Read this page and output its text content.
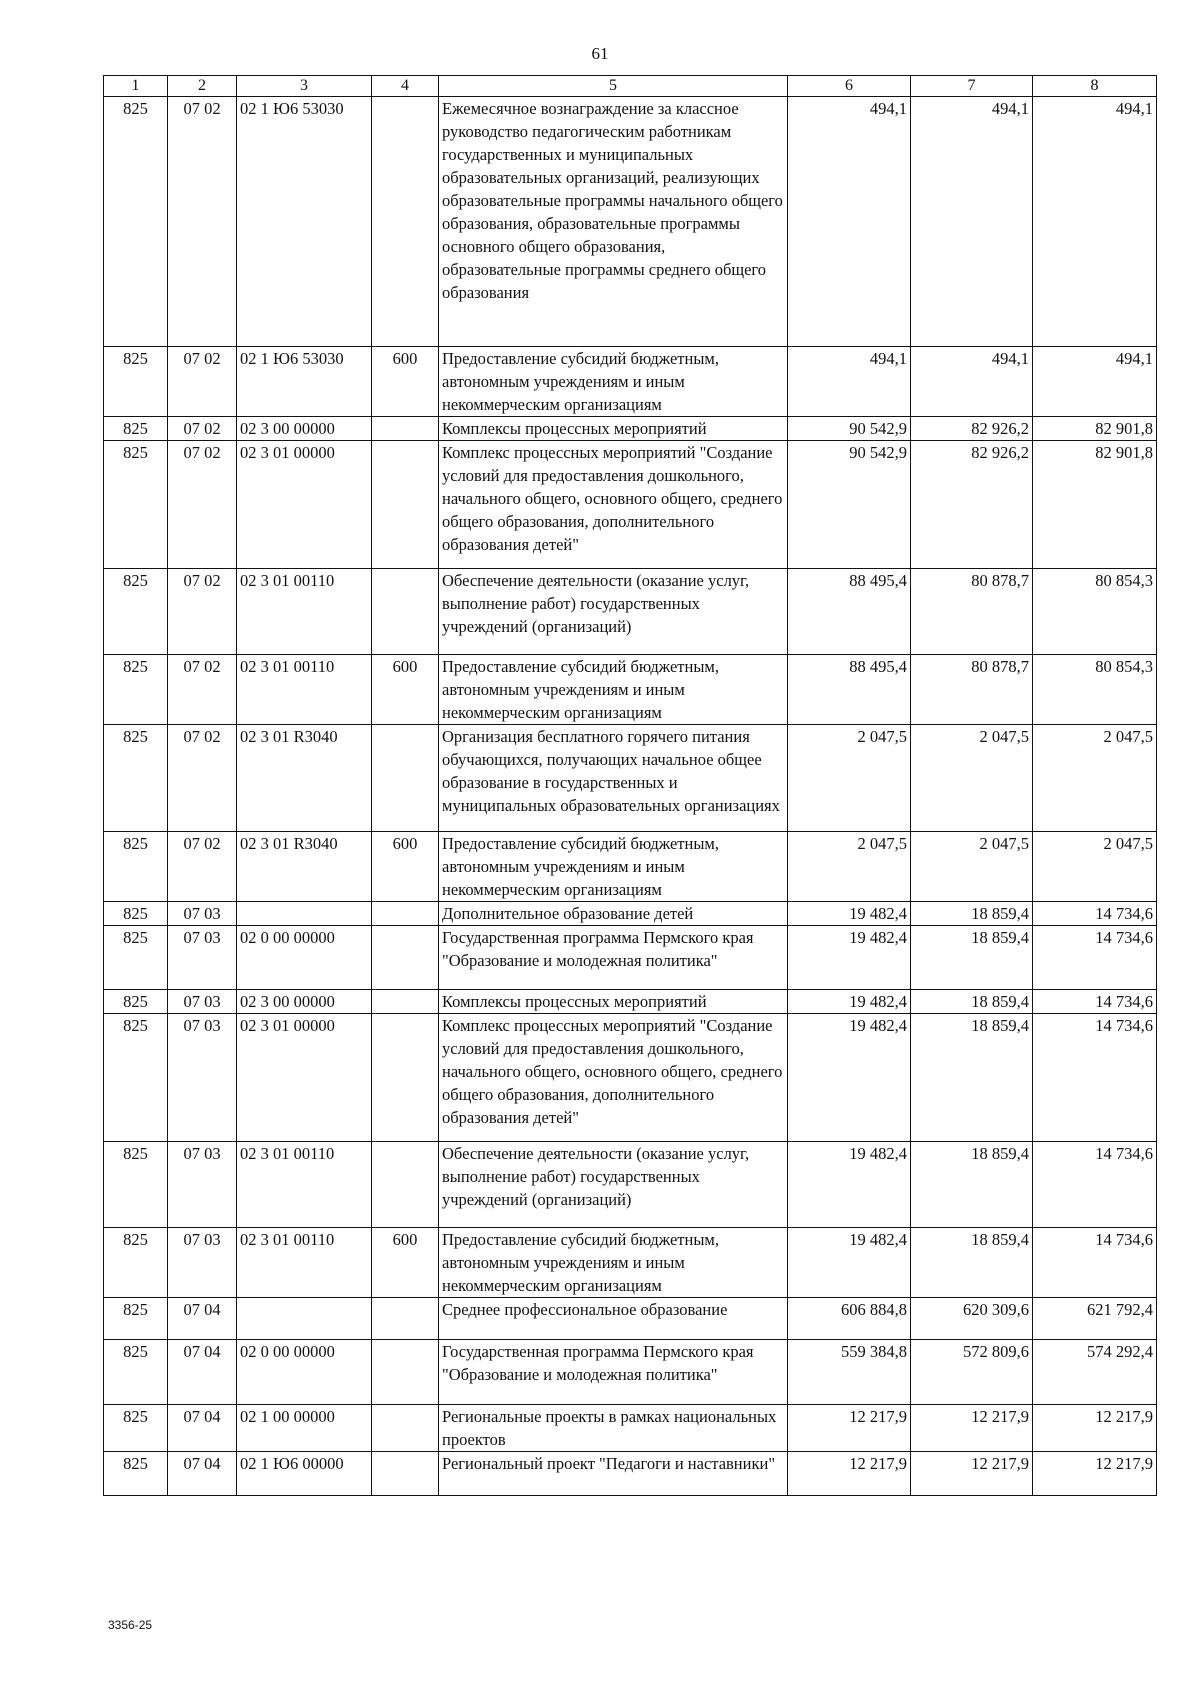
61
1	2	3	4	5	6	7	8
825	07 02	02 1 Ю6 53030		Ежемесячное вознаграждение за классное руководство педагогическим работникам государственных и муниципальных образовательных организаций, реализующих образовательные программы начального общего образования, образовательные программы основного общего образования, образовательные программы среднего общего образования	494,1	494,1	494,1
825	07 02	02 1 Ю6 53030	600	Предоставление субсидий бюджетным, автономным учреждениям и иным некоммерческим организациям	494,1	494,1	494,1
825	07 02	02 3 00 00000		Комплексы процессных мероприятий	90 542,9	82 926,2	82 901,8
825	07 02	02 3 01 00000		Комплекс процессных мероприятий "Создание условий для предоставления дошкольного, начального общего, основного общего, среднего общего образования, дополнительного образования детей"	90 542,9	82 926,2	82 901,8
825	07 02	02 3 01 00110		Обеспечение деятельности (оказание услуг, выполнение работ) государственных учреждений (организаций)	88 495,4	80 878,7	80 854,3
825	07 02	02 3 01 00110	600	Предоставление субсидий бюджетным, автономным учреждениям и иным некоммерческим организациям	88 495,4	80 878,7	80 854,3
825	07 02	02 3 01 R3040		Организация бесплатного горячего питания обучающихся, получающих начальное общее образование в государственных и муниципальных образовательных организациях	2 047,5	2 047,5	2 047,5
825	07 02	02 3 01 R3040	600	Предоставление субсидий бюджетным, автономным учреждениям и иным некоммерческим организациям	2 047,5	2 047,5	2 047,5
825	07 03			Дополнительное образование детей	19 482,4	18 859,4	14 734,6
825	07 03	02 0 00 00000		Государственная программа Пермского края "Образование и молодежная политика"	19 482,4	18 859,4	14 734,6
825	07 03	02 3 00 00000		Комплексы процессных мероприятий	19 482,4	18 859,4	14 734,6
825	07 03	02 3 01 00000		Комплекс процессных мероприятий "Создание условий для предоставления дошкольного, начального общего, основного общего, среднего общего образования, дополнительного образования детей"	19 482,4	18 859,4	14 734,6
825	07 03	02 3 01 00110		Обеспечение деятельности (оказание услуг, выполнение работ) государственных учреждений (организаций)	19 482,4	18 859,4	14 734,6
825	07 03	02 3 01 00110	600	Предоставление субсидий бюджетным, автономным учреждениям и иным некоммерческим организациям	19 482,4	18 859,4	14 734,6
825	07 04			Среднее профессиональное образование	606 884,8	620 309,6	621 792,4
825	07 04	02 0 00 00000		Государственная программа Пермского края "Образование и молодежная политика"	559 384,8	572 809,6	574 292,4
825	07 04	02 1 00 00000		Региональные проекты в рамках национальных проектов	12 217,9	12 217,9	12 217,9
825	07 04	02 1 Ю6 00000		Региональный проект "Педагоги и наставники"	12 217,9	12 217,9	12 217,9
3356-25
